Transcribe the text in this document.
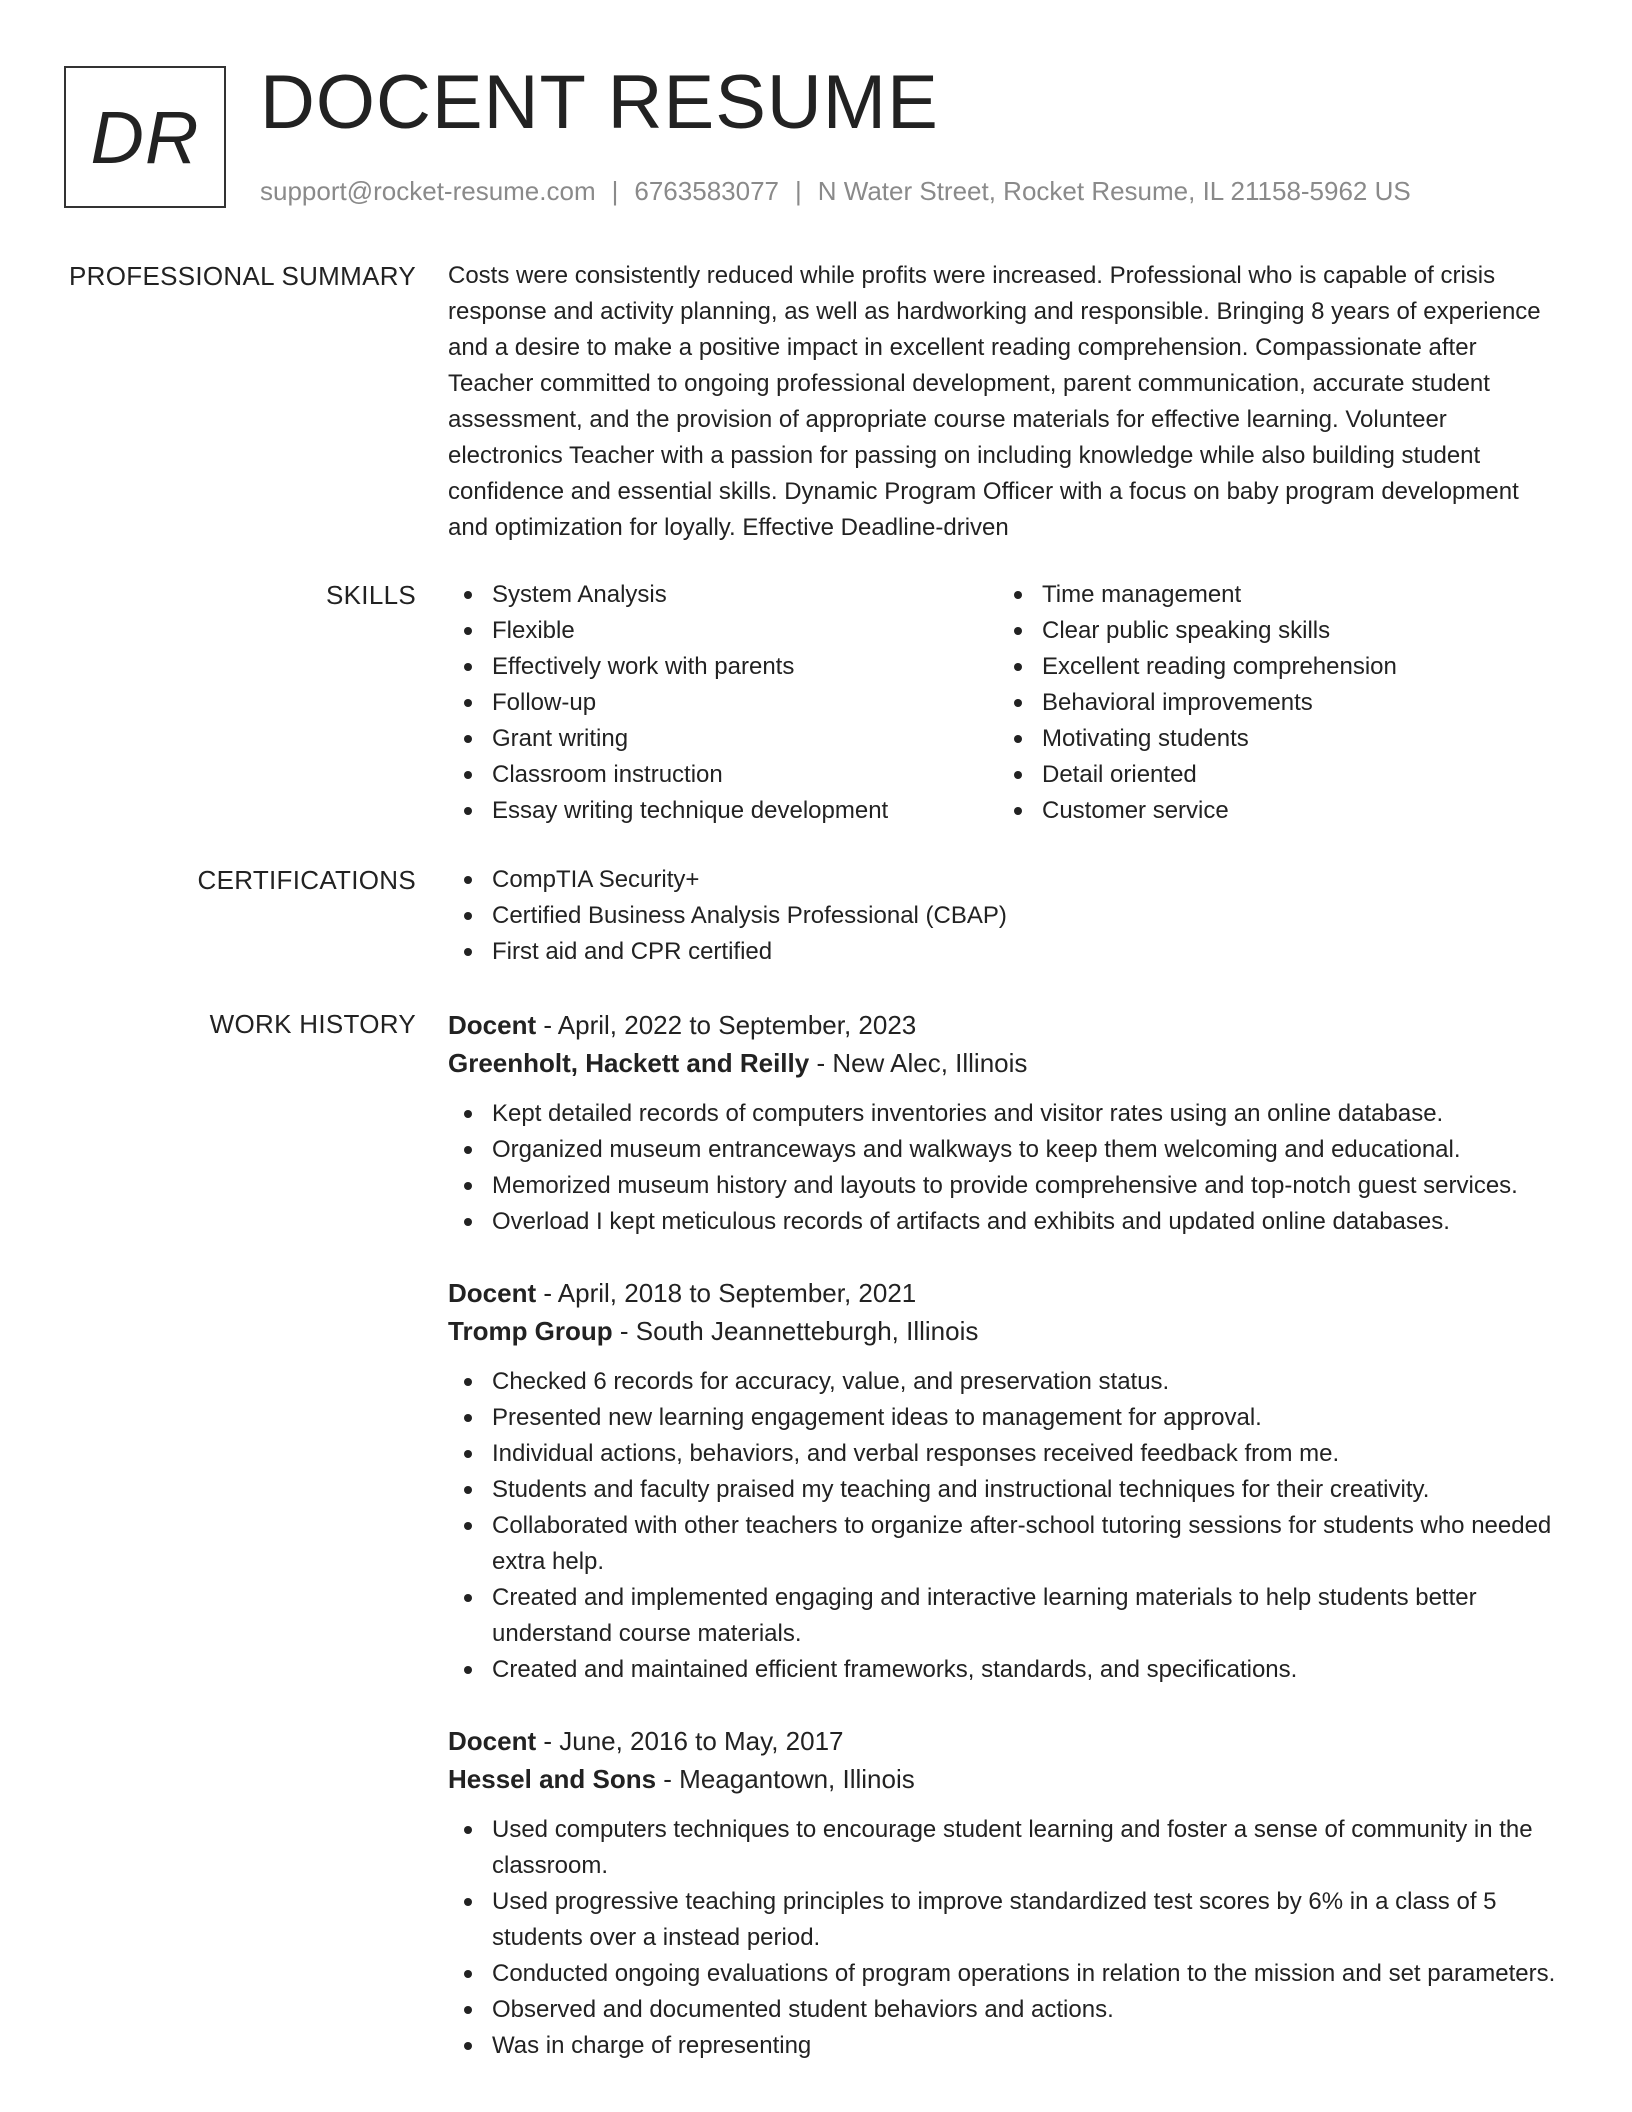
DR DOCENT RESUME
support@rocket-resume.com | 6763583077 | N Water Street, Rocket Resume, IL 21158-5962 US
PROFESSIONAL SUMMARY Costs were consistently reduced while profits were increased. Professional who is capable of crisis response and activity planning, as well as hardworking and responsible. Bringing 8 years of experience and a desire to make a positive impact in excellent reading comprehension. Compassionate after Teacher committed to ongoing professional development, parent communication, accurate student assessment, and the provision of appropriate course materials for effective learning. Volunteer electronics Teacher with a passion for passing on including knowledge while also building student confidence and essential skills. Dynamic Program Officer with a focus on baby program development and optimization for loyally. Effective Deadline-driven

SKILLS	System Analysis
Flexible
Effectively work with parents
Follow-up
Grant writing
Classroom instruction
Essay writing technique development
Time management
Clear public speaking skills
Excellent reading comprehension
Behavioral improvements
Motivating students
Detail oriented
Customer service
CERTIFICATIONS	CompTIA Security+
Certified Business Analysis Professional (CBAP)
First aid and CPR certified
WORK HISTORY Docent - April, 2022 to September, 2023
Greenholt, Hackett and Reilly - New Alec, Illinois
Kept detailed records of computers inventories and visitor rates using an online database.
Organized museum entranceways and walkways to keep them welcoming and educational.
Memorized museum history and layouts to provide comprehensive and top-notch guest services.
Overload I kept meticulous records of artifacts and exhibits and updated online databases.
Docent - April, 2018 to September, 2021
Tromp Group - South Jeannetteburgh, Illinois
Checked 6 records for accuracy, value, and preservation status.
Presented new learning engagement ideas to management for approval.
Individual actions, behaviors, and verbal responses received feedback from me.
Students and faculty praised my teaching and instructional techniques for their creativity.
Collaborated with other teachers to organize after-school tutoring sessions for students who needed extra help.
Created and implemented engaging and interactive learning materials to help students better understand course materials.
Created and maintained efficient frameworks, standards, and specifications.
Docent - June, 2016 to May, 2017
Hessel and Sons - Meagantown, Illinois
Used computers techniques to encourage student learning and foster a sense of community in the classroom.
Used progressive teaching principles to improve standardized test scores by 6% in a class of 5 students over a instead period.
Conducted ongoing evaluations of program operations in relation to the mission and set parameters.
Observed and documented student behaviors and actions.
Was in charge of representing
